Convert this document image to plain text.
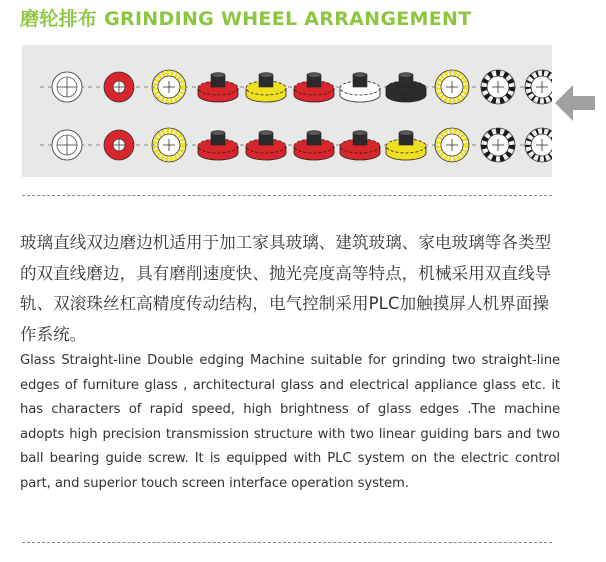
磨轮排布 GRINDING WHEEL ARRANGEMENT

玻璃直线双边磨边机适用于加工家具玻璃、建筑玻璃、家电玻璃等各类型的双直线磨边，具有磨削速度快、抛光亮度高等特点，机械采用双直线导轨、双滚珠丝杠高精度传动结构，电气控制采用PLC加触摸屏人机界面操作系统。

Glass Straight-line Double edging Machine suitable for grinding two straight-line edges of furniture glass , architectural glass and electrical appliance glass etc. it has characters of rapid speed, high brightness of glass edges .The machine adopts high precision transmission structure with two linear guiding bars and two ball bearing guide screw. It is equipped with PLC system on the electric control part, and superior touch screen interface operation system.
